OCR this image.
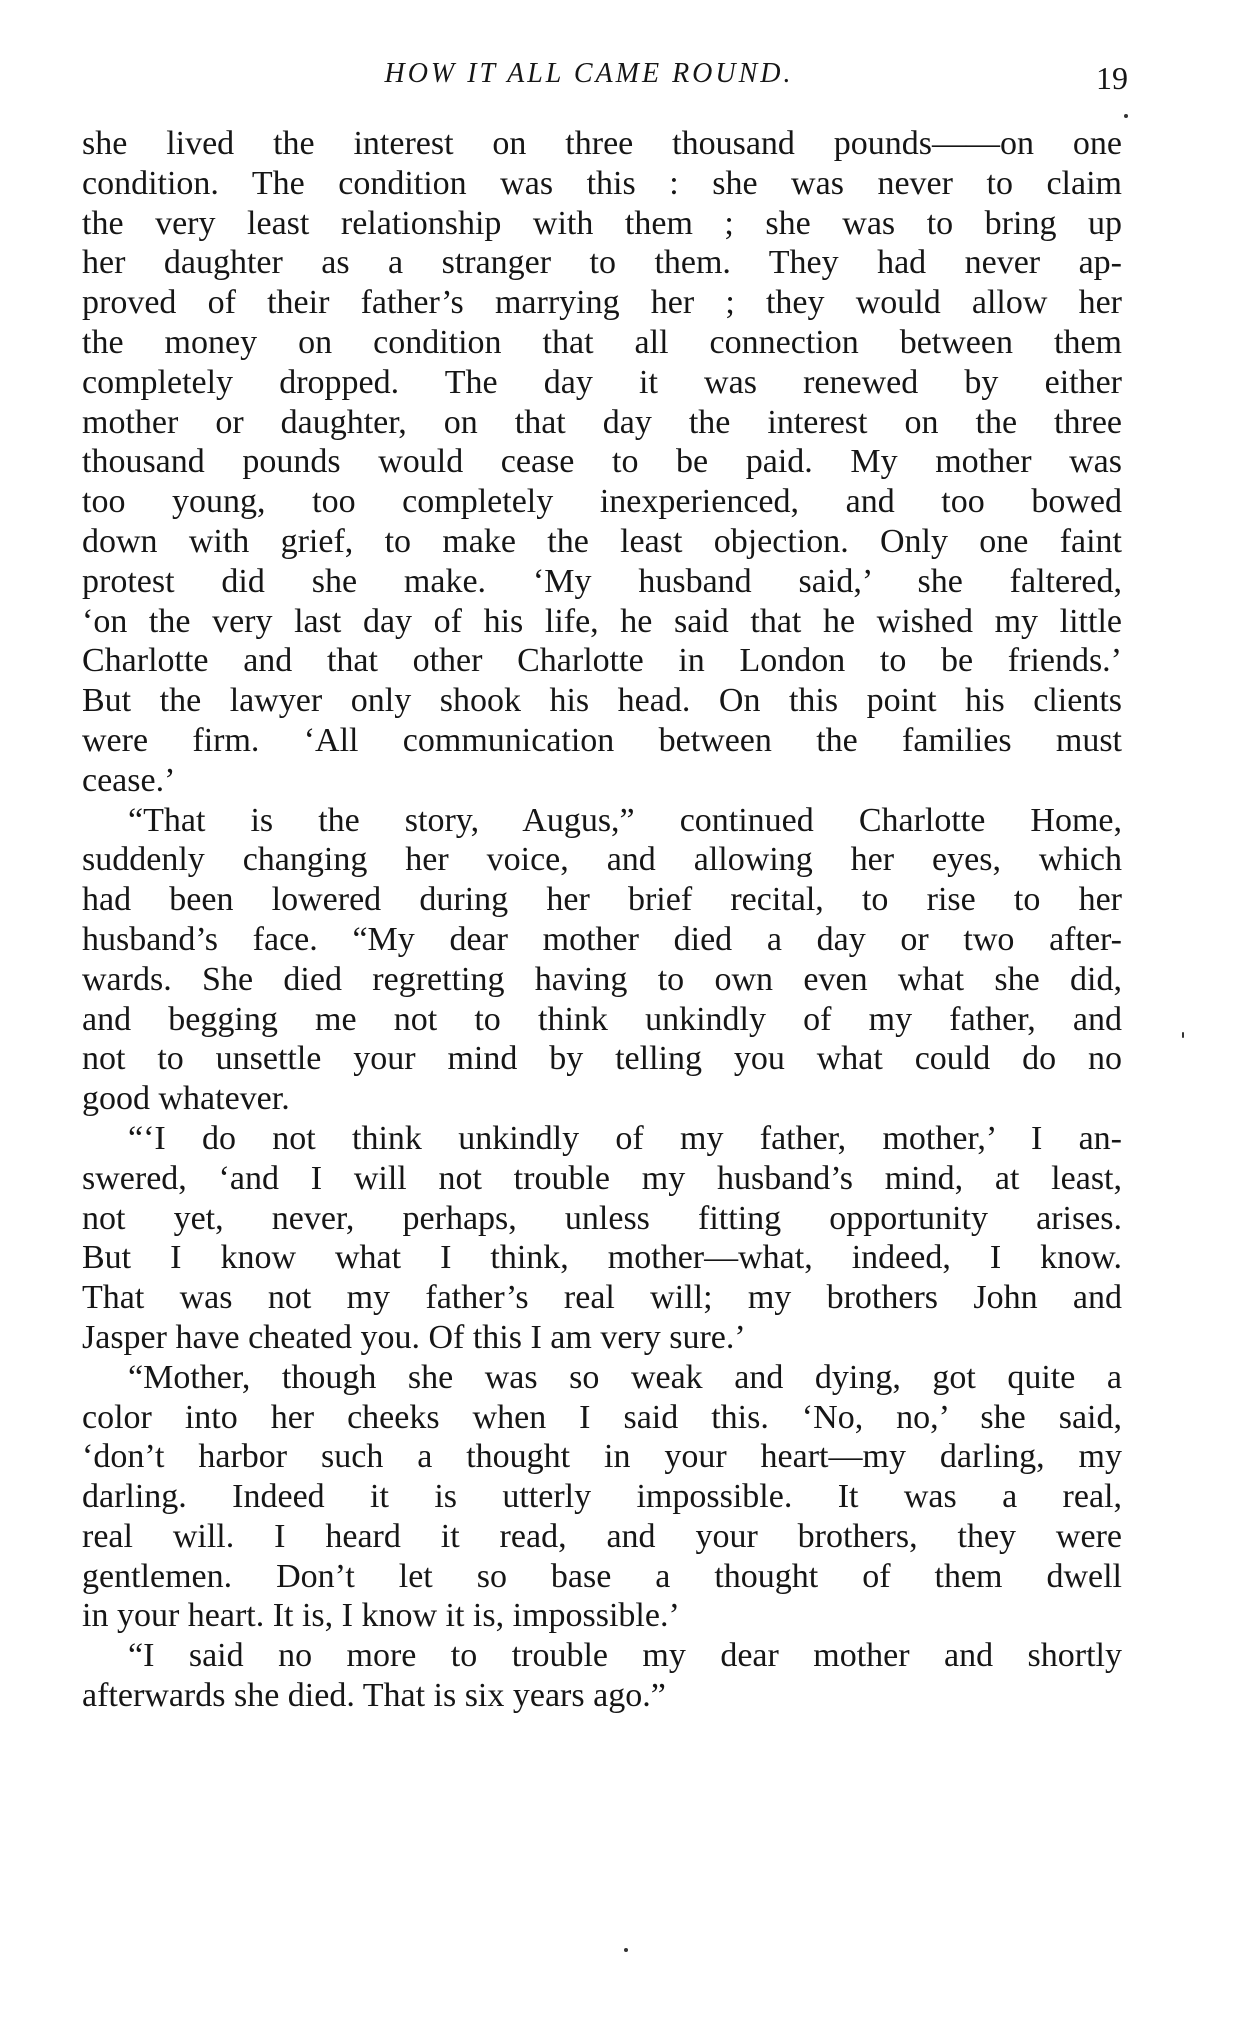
HOW IT ALL CAME ROUND.	19

she lived the interest on three thousand pounds——on one
condition. The condition was this : she was never to claim
the very least relationship with them ; she was to bring up
her daughter as a stranger to them. They had never ap-
proved of their father’s marrying her ; they would allow her
the money on condition that all connection between them
completely dropped. The day it was renewed by either
mother or daughter, on that day the interest on the three
thousand pounds would cease to be paid. My mother was
too young, too completely inexperienced, and too bowed
down with grief, to make the least objection. Only one faint
protest did she make. ‘My husband said,’ she faltered,
‘on the very last day of his life, he said that he wished my little
Charlotte and that other Charlotte in London to be friends.’
But the lawyer only shook his head. On this point his clients
were firm. ‘All communication between the families must
cease.’
“That is the story, Augus,” continued Charlotte Home,
suddenly changing her voice, and allowing her eyes, which
had been lowered during her brief recital, to rise to her
husband’s face. “My dear mother died a day or two after-
wards. She died regretting having to own even what she did,
and begging me not to think unkindly of my father, and
not to unsettle your mind by telling you what could do no
good whatever.
“‘I do not think unkindly of my father, mother,’ I an-
swered, ‘and I will not trouble my husband’s mind, at least,
not yet, never, perhaps, unless fitting opportunity arises.
But I know what I think, mother—what, indeed, I know.
That was not my father’s real will; my brothers John and
Jasper have cheated you. Of this I am very sure.’
“Mother, though she was so weak and dying, got quite a
color into her cheeks when I said this. ‘No, no,’ she said,
‘don’t harbor such a thought in your heart—my darling, my
darling. Indeed it is utterly impossible. It was a real,
real will. I heard it read, and your brothers, they were
gentlemen. Don’t let so base a thought of them dwell
in your heart. It is, I know it is, impossible.’
“I said no more to trouble my dear mother and shortly
afterwards she died. That is six years ago.”
